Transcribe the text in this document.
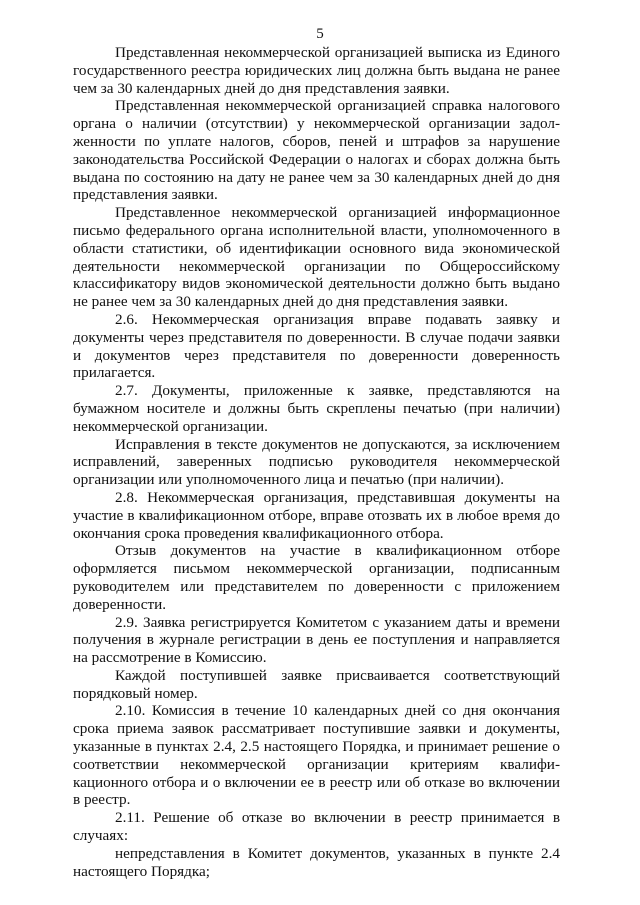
5

Представленная некоммерческой организацией выписка из Единого государственного реестра юридических лиц должна быть выдана не ранее чем за 30 календарных дней до дня представления заявки.

Представленная некоммерческой организацией справка налогового органа о наличии (отсутствии) у некоммерческой организации задолженности по уплате налогов, сборов, пеней и штрафов за нарушение законодательства Российской Федерации о налогах и сборах должна быть выдана по состоянию на дату не ранее чем за 30 календарных дней до дня представления заявки.

Представленное некоммерческой организацией информационное письмо федерального органа исполнительной власти, уполномоченного в области статистики, об идентификации основного вида экономической деятельности некоммерческой организации по Общероссийскому классификатору видов экономической деятельности должно быть выдано не ранее чем за 30 календарных дней до дня представления заявки.

2.6. Некоммерческая организация вправе подавать заявку и документы через представителя по доверенности. В случае подачи заявки и документов через представителя по доверенности доверенность прилагается.

2.7. Документы, приложенные к заявке, представляются на бумажном носителе и должны быть скреплены печатью (при наличии) некоммерческой организации.

Исправления в тексте документов не допускаются, за исключением исправлений, заверенных подписью руководителя некоммерческой организации или уполномоченного лица и печатью (при наличии).

2.8. Некоммерческая организация, представившая документы на участие в квалификационном отборе, вправе отозвать их в любое время до окончания срока проведения квалификационного отбора.

Отзыв документов на участие в квалификационном отборе оформляется письмом некоммерческой организации, подписанным руководителем или представителем по доверенности с приложением доверенности.

2.9. Заявка регистрируется Комитетом с указанием даты и времени получения в журнале регистрации в день ее поступления и направляется на рассмотрение в Комиссию.

Каждой поступившей заявке присваивается соответствующий порядковый номер.

2.10. Комиссия в течение 10 календарных дней со дня окончания срока приема заявок рассматривает поступившие заявки и документы, указанные в пунктах 2.4, 2.5 настоящего Порядка, и принимает решение о соответствии некоммерческой организации критериям квалификационного отбора и о включении ее в реестр или об отказе во включении в реестр.

2.11. Решение об отказе во включении в реестр принимается в случаях:

непредставления в Комитет документов, указанных в пункте 2.4 настоящего Порядка;
